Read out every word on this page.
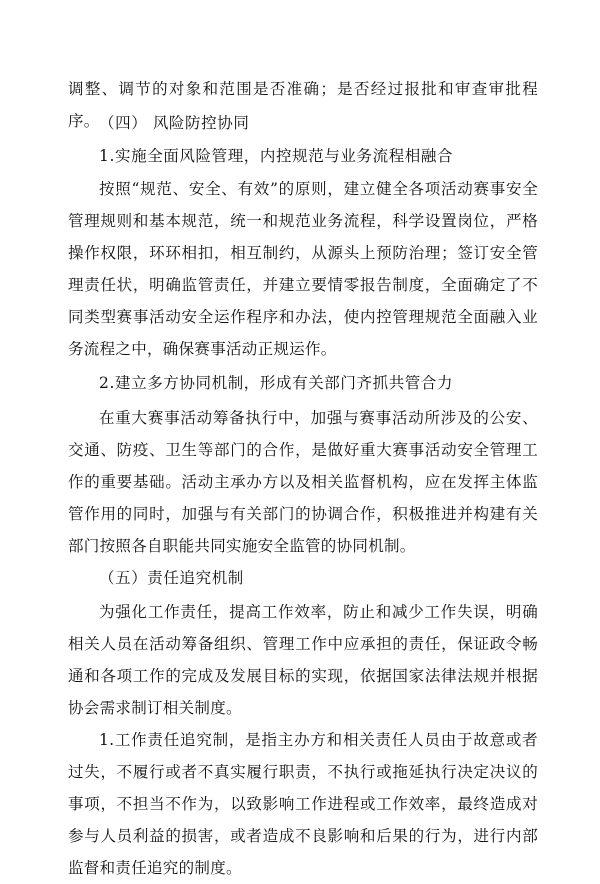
调整、调节的对象和范围是否准确；是否经过报批和审查审批程序。 （四） 风险防控协同

1.实施全面风险管理，内控规范与业务流程相融合

按照“规范、安全、有效”的原则，建立健全各项活动赛事安全管理规则和基本规范，统一和规范业务流程，科学设置岗位，严格操作权限，环环相扣，相互制约，从源头上预防治理；签订安全管理责任状，明确监管责任，并建立要情零报告制度，全面确定了不同类型赛事活动安全运作程序和办法，使内控管理规范全面融入业务流程之中，确保赛事活动正规运作。

2.建立多方协同机制，形成有关部门齐抓共管合力

在重大赛事活动筹备执行中，加强与赛事活动所涉及的公安、交通、防疫、卫生等部门的合作，是做好重大赛事活动安全管理工作的重要基础。活动主承办方以及相关监督机构，应在发挥主体监管作用的同时，加强与有关部门的协调合作，积极推进并构建有关部门按照各自职能共同实施安全监管的协同机制。

（五）责任追究机制

为强化工作责任，提高工作效率，防止和减少工作失误，明确相关人员在活动筹备组织、管理工作中应承担的责任，保证政令畅通和各项工作的完成及发展目标的实现，依据国家法律法规并根据协会需求制订相关制度。

1.工作责任追究制，是指主办方和相关责任人员由于故意或者过失，不履行或者不真实履行职责，不执行或拖延执行决定决议的事项，不担当不作为，以致影响工作进程或工作效率，最终造成对参与人员利益的损害，或者造成不良影响和后果的行为，进行内部监督和责任追究的制度。
